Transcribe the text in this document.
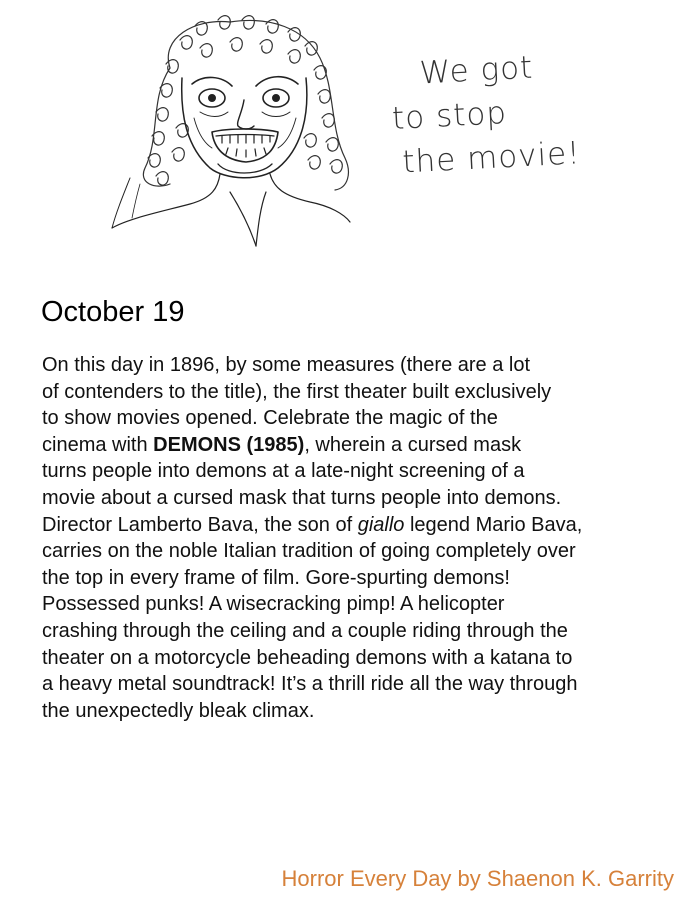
We got
to stop
the movie!
October 19
On this day in 1896, by some measures (there are a lot
of contenders to the title), the first theater built exclusively
to show movies opened. Celebrate the magic of the
cinema with DEMONS (1985), wherein a cursed mask
turns people into demons at a late-night screening of a
movie about a cursed mask that turns people into demons.
Director Lamberto Bava, the son of giallo legend Mario Bava,
carries on the noble Italian tradition of going completely over
the top in every frame of film. Gore-spurting demons!
Possessed punks! A wisecracking pimp! A helicopter
crashing through the ceiling and a couple riding through the
theater on a motorcycle beheading demons with a katana to
a heavy metal soundtrack! It’s a thrill ride all the way through
the unexpectedly bleak climax.
Horror Every Day by Shaenon K. Garrity
